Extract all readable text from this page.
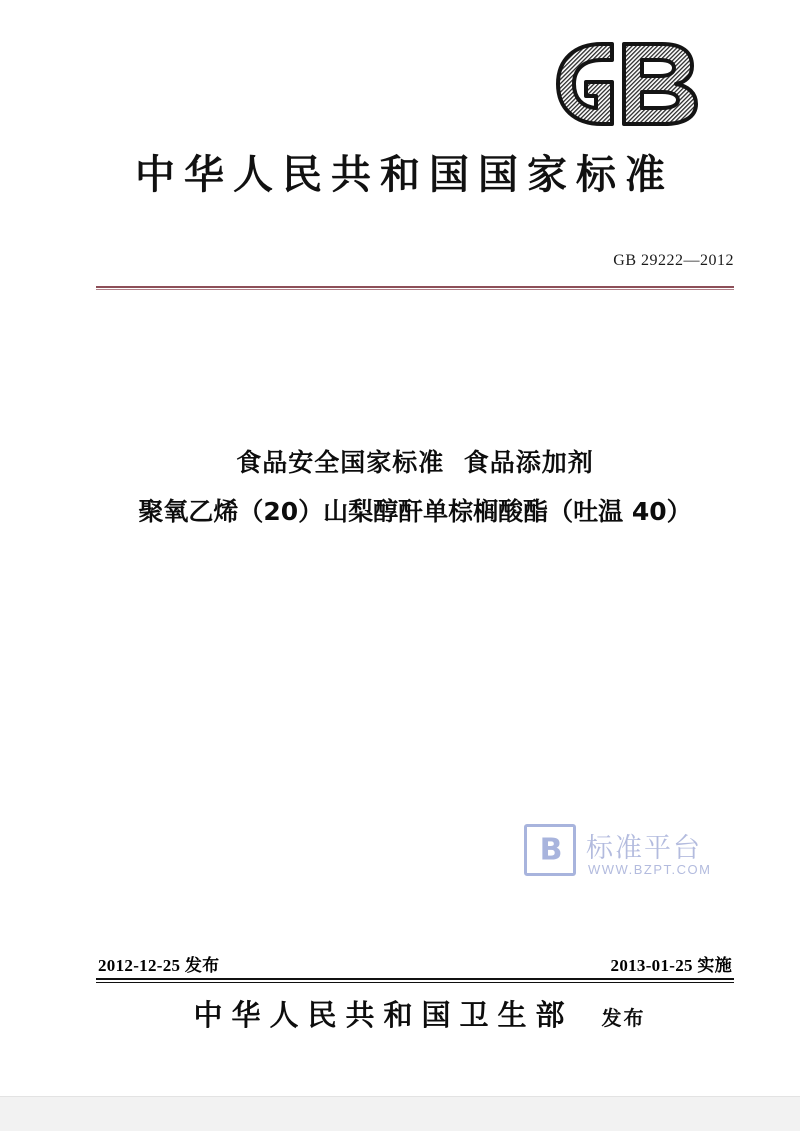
中华人民共和国国家标准
GB 29222—2012
食品安全国家标准  食品添加剂
聚氧乙烯（20）山梨醇酐单棕榈酸酯（吐温 40）
B 标准平台
WWW.BZPT.COM
2012-12-25 发布	2013-01-25 实施
中华人民共和国卫生部 发布
